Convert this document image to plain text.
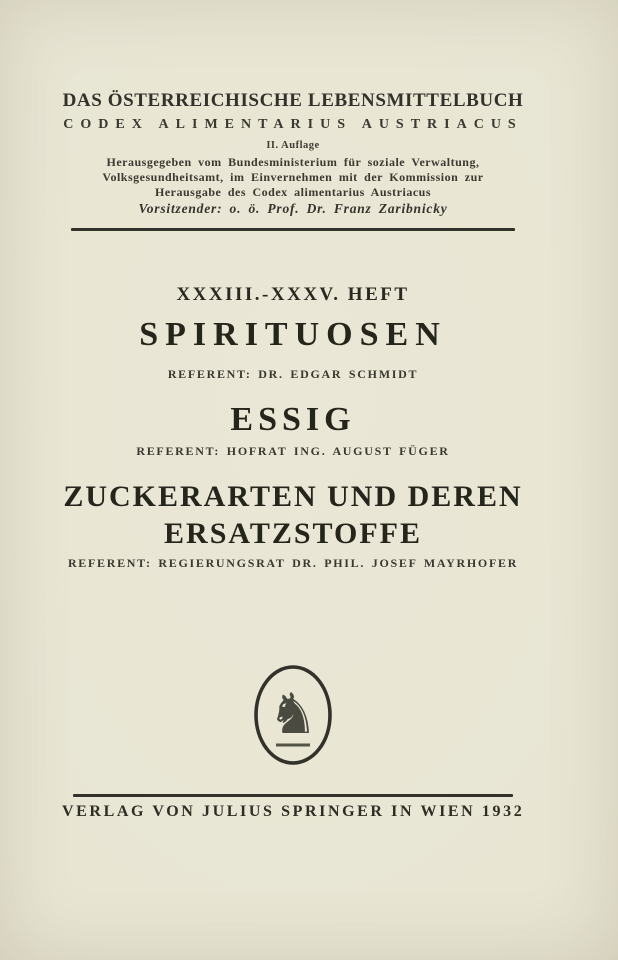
DAS ÖSTERREICHISCHE LEBENSMITTELBUCH
CODEX ALIMENTARIUS AUSTRIACUS
II. Auflage
Herausgegeben vom Bundesministerium für soziale Verwaltung,
Volksgesundheitsamt, im Einvernehmen mit der Kommission zur
Herausgabe des Codex alimentarius Austriacus
Vorsitzender: o. ö. Prof. Dr. Franz Zaribnicky
XXXIII.-XXXV. HEFT
SPIRITUOSEN
REFERENT: DR. EDGAR SCHMIDT
ESSIG
REFERENT: HOFRAT ING. AUGUST FÜGER
ZUCKERARTEN UND DEREN
ERSATZSTOFFE
REFERENT: REGIERUNGSRAT DR. PHIL. JOSEF MAYRHOFER
♞
VERLAG VON JULIUS SPRINGER IN WIEN 1932
